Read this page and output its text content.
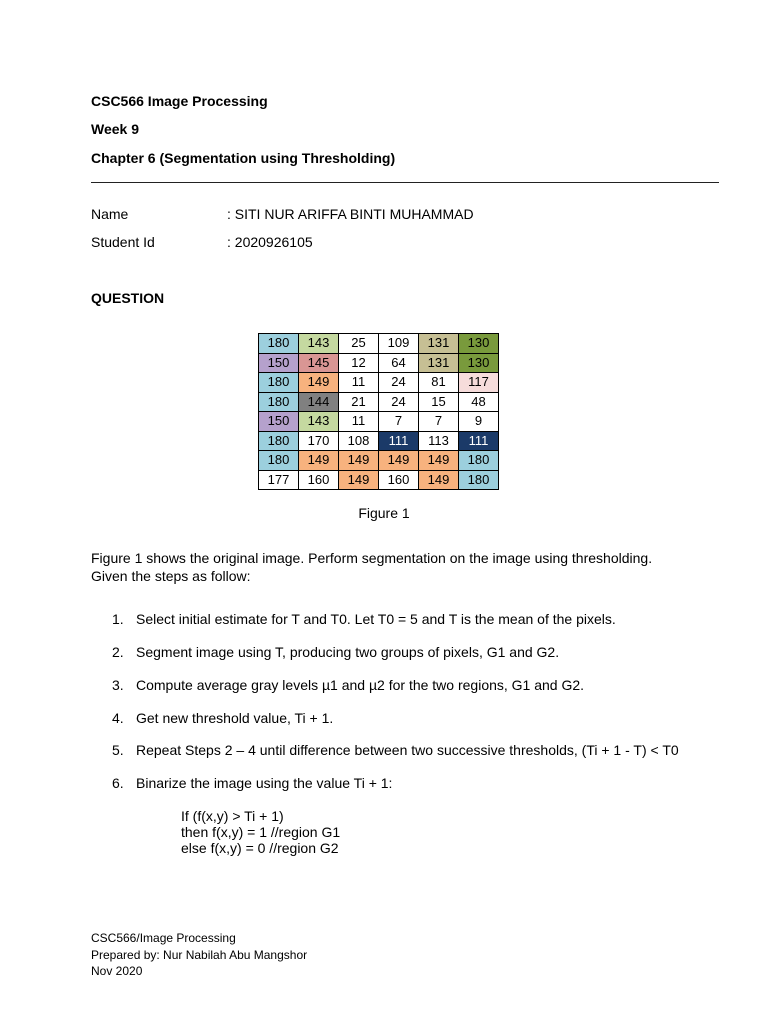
CSC566 Image Processing
Week 9
Chapter 6 (Segmentation using Thresholding)
Name	: SITI NUR ARIFFA BINTI MUHAMMAD
Student Id	: 2020926105
QUESTION
180	143	25	109	131	130
150	145	12	64	131	130
180	149	11	24	81	117
180	144	21	24	15	48
150	143	11	7	7	9
180	170	108	111	113	111
180	149	149	149	149	180
177	160	149	160	149	180
Figure 1
Figure 1 shows the original image. Perform segmentation on the image using thresholding.
Given the steps as follow:
1. Select initial estimate for T and T0. Let T0 = 5 and T is the mean of the pixels.
2. Segment image using T, producing two groups of pixels, G1 and G2.
3. Compute average gray levels µ1 and µ2 for the two regions, G1 and G2.
4. Get new threshold value, Ti + 1.
5. Repeat Steps 2 – 4 until difference between two successive thresholds, (Ti + 1 - T) < T0
6. Binarize the image using the value Ti + 1:
If (f(x,y) > Ti + 1)
then f(x,y) = 1 //region G1
else f(x,y) = 0 //region G2
CSC566/Image Processing
Prepared by: Nur Nabilah Abu Mangshor
Nov 2020
